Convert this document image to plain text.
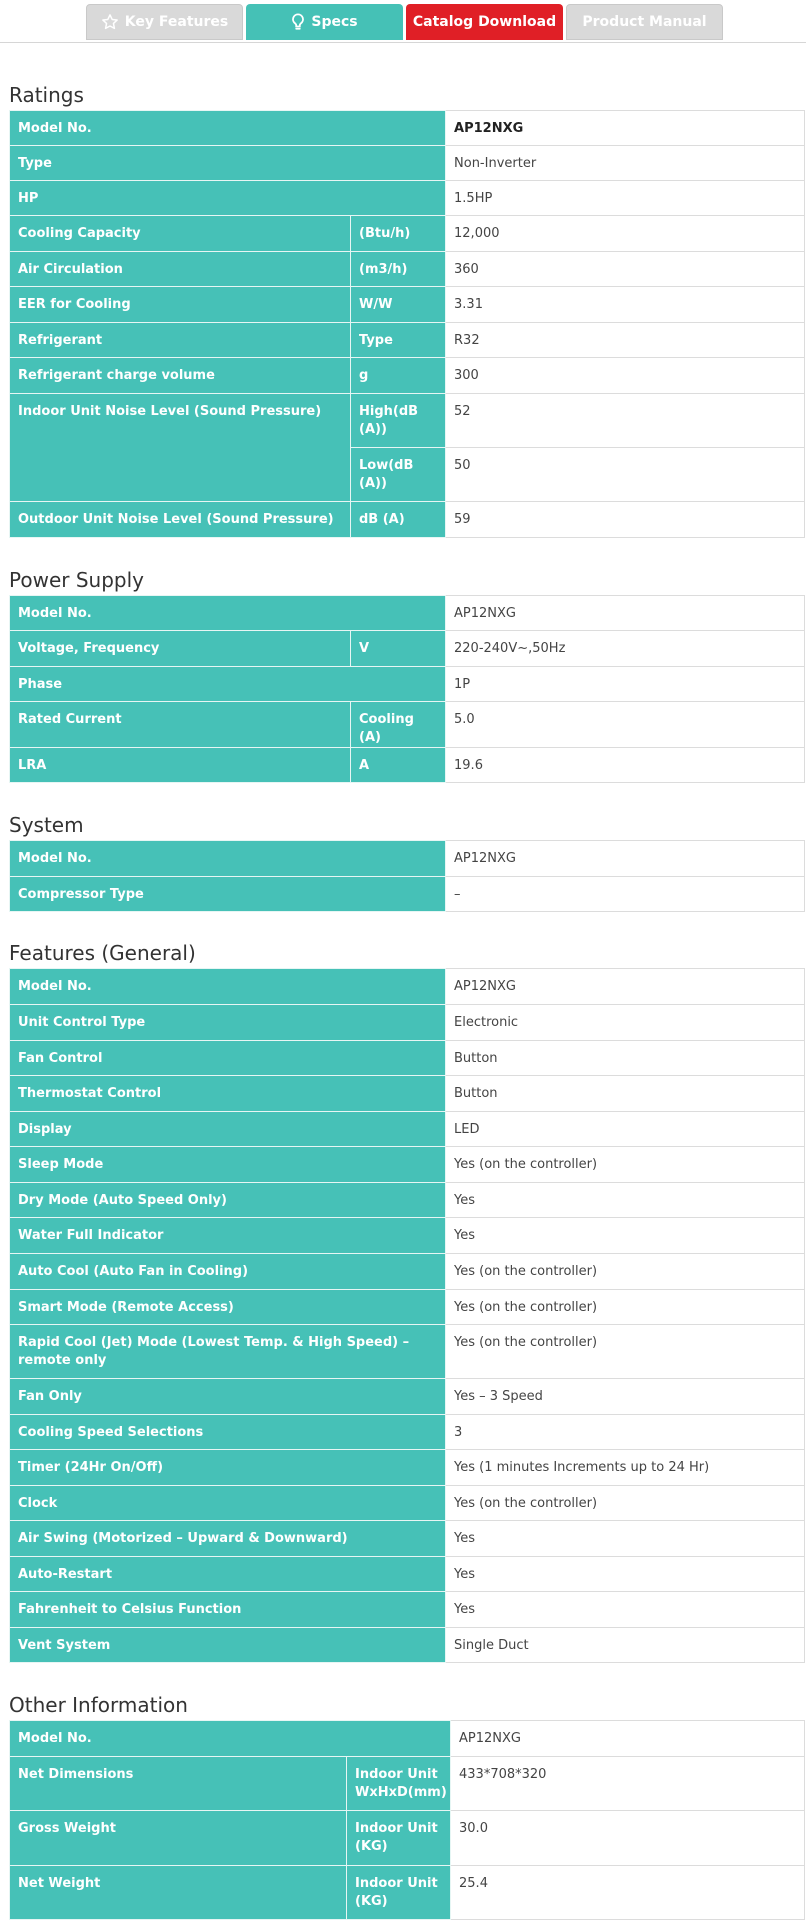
Key Features	Specs	Catalog Download Product Manual
Ratings
Model No.		AP12NXG
Type		Non-Inverter
HP		1.5HP
Cooling Capacity	(Btu/h)	12,000
Air Circulation	(m3/h)	360
EER for Cooling	W/W	3.31
Refrigerant	Type	R32
Refrigerant charge volume	g	300
Indoor Unit Noise Level (Sound Pressure)	High(dB (A))	52
	Low(dB (A))	50
Outdoor Unit Noise Level (Sound Pressure)	dB (A)	59
Power Supply
Model No.		AP12NXG
Voltage, Frequency	V	220-240V~,50Hz
Phase		1P
Rated Current	Cooling (A)	5.0
LRA	A	19.6
System
Model No.	AP12NXG
Compressor Type	–
Features (General)
Model No.	AP12NXG
Unit Control Type	Electronic
Fan Control	Button
Thermostat Control	Button
Display	LED
Sleep Mode	Yes (on the controller)
Dry Mode (Auto Speed Only)	Yes
Water Full Indicator	Yes
Auto Cool (Auto Fan in Cooling)	Yes (on the controller)
Smart Mode (Remote Access)	Yes (on the controller)
Rapid Cool (Jet) Mode (Lowest Temp. & High Speed) – remote only	Yes (on the controller)
Fan Only	Yes – 3 Speed
Cooling Speed Selections	3
Timer (24Hr On/Off)	Yes (1 minutes Increments up to 24 Hr)
Clock	Yes (on the controller)
Air Swing (Motorized – Upward & Downward)	Yes
Auto-Restart	Yes
Fahrenheit to Celsius Function	Yes
Vent System	Single Duct
Other Information
Model No.		AP12NXG
Net Dimensions	Indoor Unit WxHxD(mm)	433*708*320
Gross Weight	Indoor Unit (KG)	30.0
Net Weight	Indoor Unit (KG)	25.4
